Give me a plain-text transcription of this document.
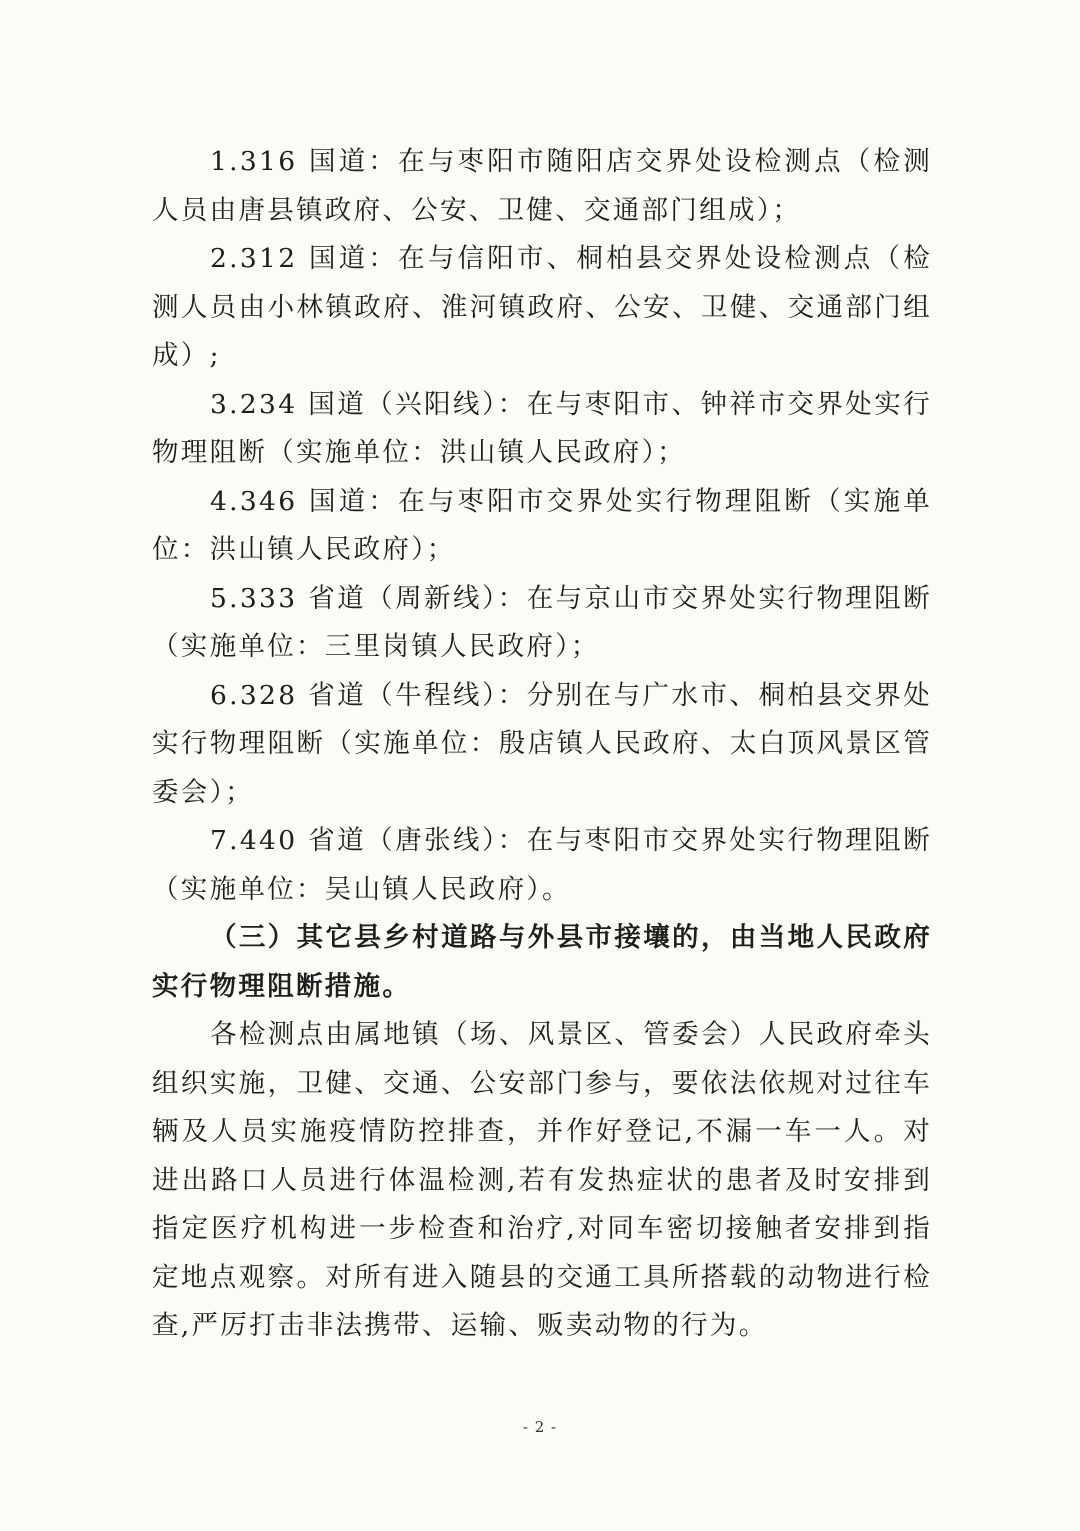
1.316 国道：在与枣阳市随阳店交界处设检测点（检测人员由唐县镇政府、公安、卫健、交通部门组成）；

2.312 国道：在与信阳市、桐柏县交界处设检测点（检测人员由小林镇政府、淮河镇政府、公安、卫健、交通部门组成）;

3.234 国道（兴阳线）：在与枣阳市、钟祥市交界处实行物理阻断（实施单位：洪山镇人民政府）；

4.346 国道：在与枣阳市交界处实行物理阻断（实施单位：洪山镇人民政府）；

5.333 省道（周新线）：在与京山市交界处实行物理阻断（实施单位：三里岗镇人民政府）；

6.328 省道（牛程线）：分别在与广水市、桐柏县交界处实行物理阻断（实施单位：殷店镇人民政府、太白顶风景区管委会）；

7.440 省道（唐张线）：在与枣阳市交界处实行物理阻断（实施单位：吴山镇人民政府）。

（三）其它县乡村道路与外县市接壤的，由当地人民政府实行物理阻断措施。

各检测点由属地镇（场、风景区、管委会）人民政府牵头组织实施，卫健、交通、公安部门参与，要依法依规对过往车辆及人员实施疫情防控排查，并作好登记,不漏一车一人。对进出路口人员进行体温检测,若有发热症状的患者及时安排到指定医疗机构进一步检查和治疗,对同车密切接触者安排到指定地点观察。对所有进入随县的交通工具所搭载的动物进行检查,严厉打击非法携带、运输、贩卖动物的行为。

- 2 -
